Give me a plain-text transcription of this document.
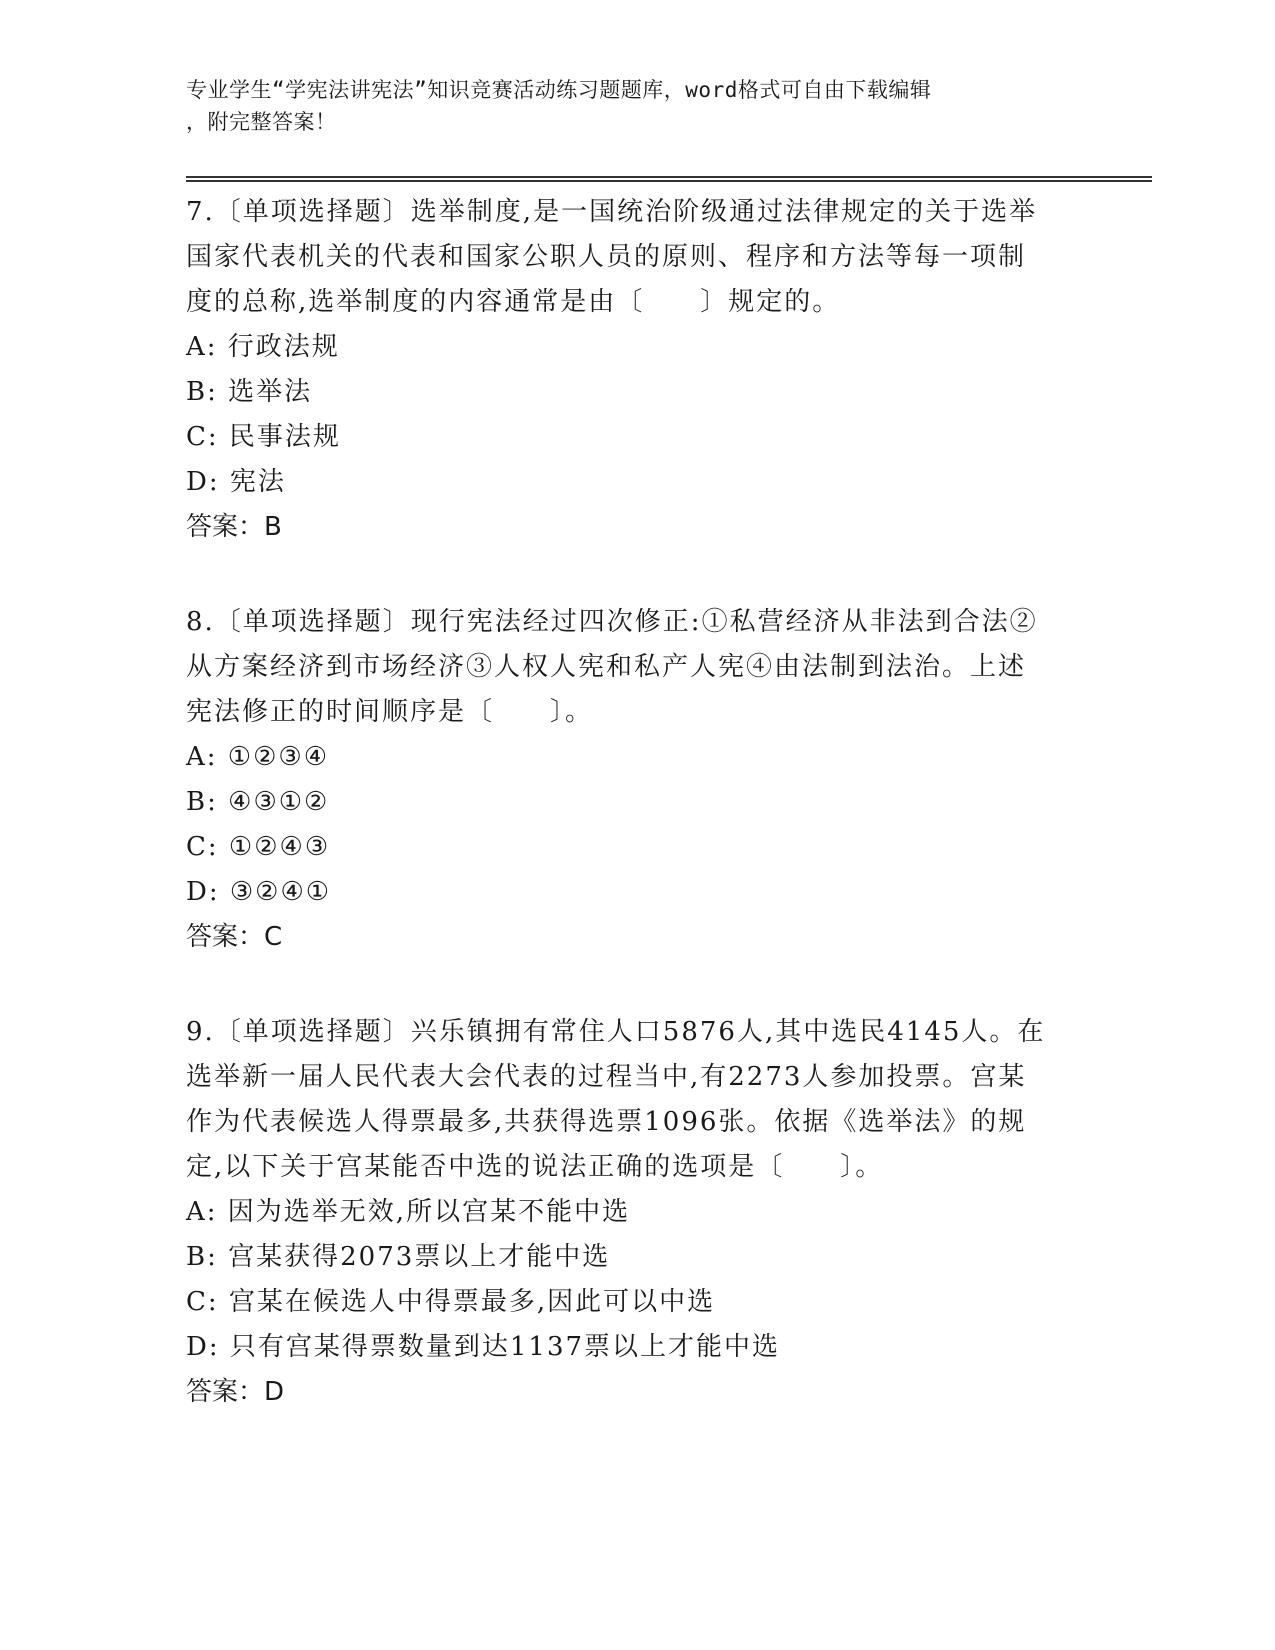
专业学生“学宪法讲宪法”知识竞赛活动练习题题库，word格式可自由下载编辑
，附完整答案！

7.〔单项选择题〕选举制度,是一国统治阶级通过法律规定的关于选举

国家代表机关的代表和国家公职人员的原则、程序和方法等每一项制

度的总称,选举制度的内容通常是由〔　　〕规定的。

A: 行政法规

B: 选举法

C: 民事法规

D: 宪法

答案：B

8.〔单项选择题〕现行宪法经过四次修正:①私营经济从非法到合法②

从方案经济到市场经济③人权人宪和私产人宪④由法制到法治。上述

宪法修正的时间顺序是〔　　〕。

A: ①②③④

B: ④③①②

C: ①②④③

D: ③②④①

答案：C

9.〔单项选择题〕兴乐镇拥有常住人口5876人,其中选民4145人。在

选举新一届人民代表大会代表的过程当中,有2273人参加投票。宫某

作为代表候选人得票最多,共获得选票1096张。依据《选举法》的规

定,以下关于宫某能否中选的说法正确的选项是〔　　〕。

A: 因为选举无效,所以宫某不能中选

B: 宫某获得2073票以上才能中选

C: 宫某在候选人中得票最多,因此可以中选

D: 只有宫某得票数量到达1137票以上才能中选

答案：D
